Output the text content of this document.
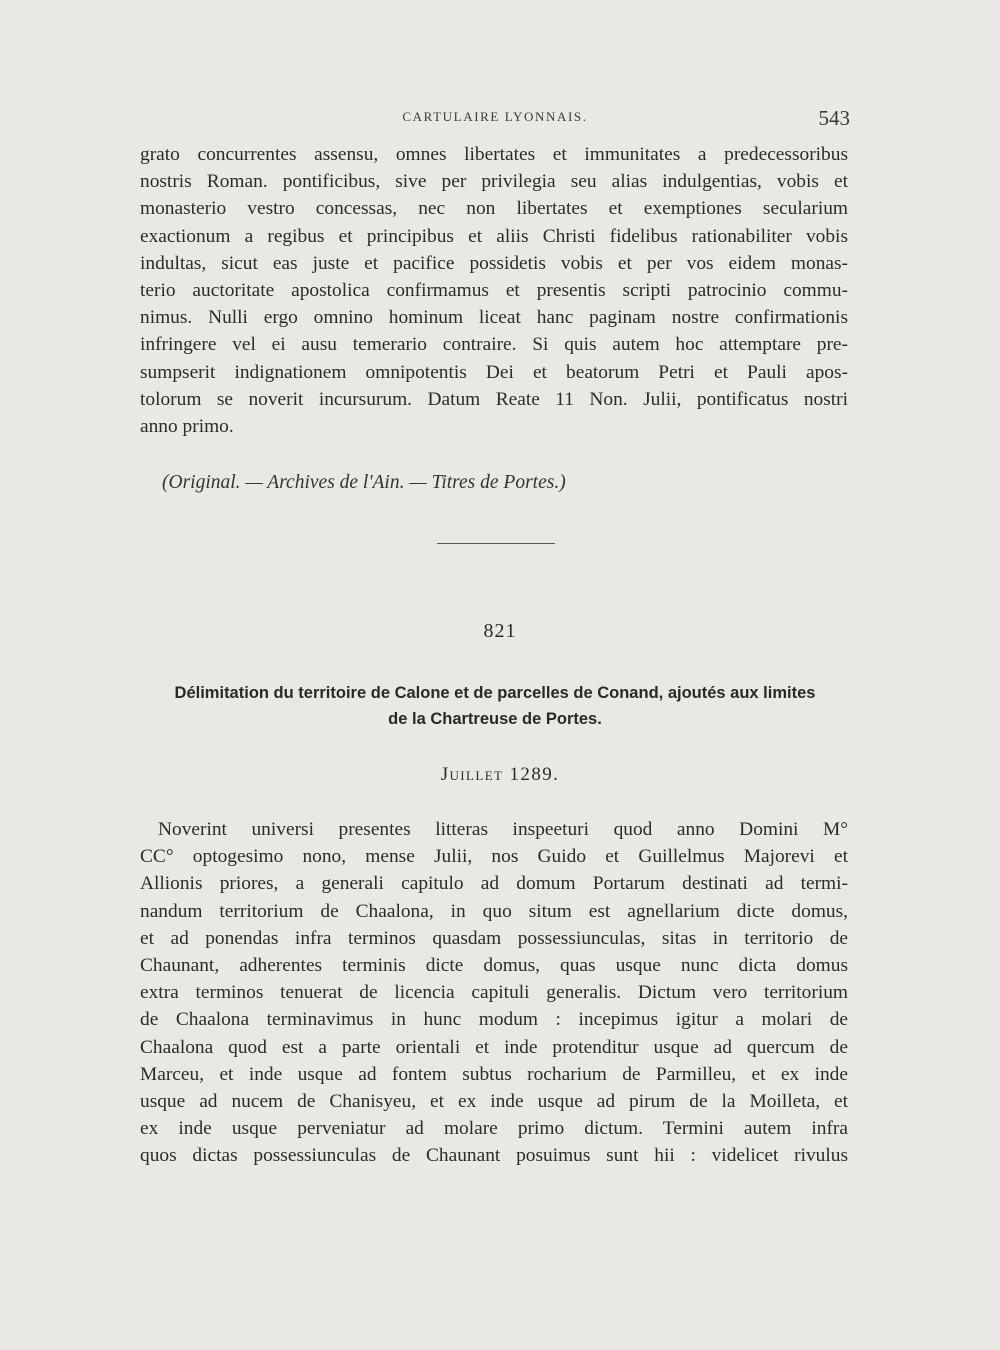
CARTULAIRE LYONNAIS.	543

grato concurrentes assensu, omnes libertates et immunitates a predecessoribus
nostris Roman. pontificibus, sive per privilegia seu alias indulgentias, vobis et
monasterio vestro concessas, nec non libertates et exemptiones secularium
exactionum a regibus et principibus et aliis Christi fidelibus rationabiliter vobis
indultas, sicut eas juste et pacifice possidetis vobis et per vos eidem monas-
terio auctoritate apostolica confirmamus et presentis scripti patrocinio commu-
nimus. Nulli ergo omnino hominum liceat hanc paginam nostre confirmationis
infringere vel ei ausu temerario contraire. Si quis autem hoc attemptare pre-
sumpserit indignationem omnipotentis Dei et beatorum Petri et Pauli apos-
tolorum se noverit incursurum. Datum Reate 11 Non. Julii, pontificatus nostri
anno primo.

(Original. — Archives de l'Ain. — Titres de Portes.)

821

Délimitation du territoire de Calone et de parcelles de Conand, ajoutés aux limites
de la Chartreuse de Portes.

Juillet 1289.

Noverint universi presentes litteras inspeeturi quod anno Domini M°
CC° optogesimo nono, mense Julii, nos Guido et Guillelmus Majorevi et
Allionis priores, a generali capitulo ad domum Portarum destinati ad termi-
nandum territorium de Chaalona, in quo situm est agnellarium dicte domus,
et ad ponendas infra terminos quasdam possessiunculas, sitas in territorio de
Chaunant, adherentes terminis dicte domus, quas usque nunc dicta domus
extra terminos tenuerat de licencia capituli generalis. Dictum vero territorium
de Chaalona terminavimus in hunc modum : incepimus igitur a molari de
Chaalona quod est a parte orientali et inde protenditur usque ad quercum de
Marceu, et inde usque ad fontem subtus rocharium de Parmilleu, et ex inde
usque ad nucem de Chanisyeu, et ex inde usque ad pirum de la Moilleta, et
ex inde usque perveniatur ad molare primo dictum. Termini autem infra
quos dictas possessiunculas de Chaunant posuimus sunt hii : videlicet rivulus
